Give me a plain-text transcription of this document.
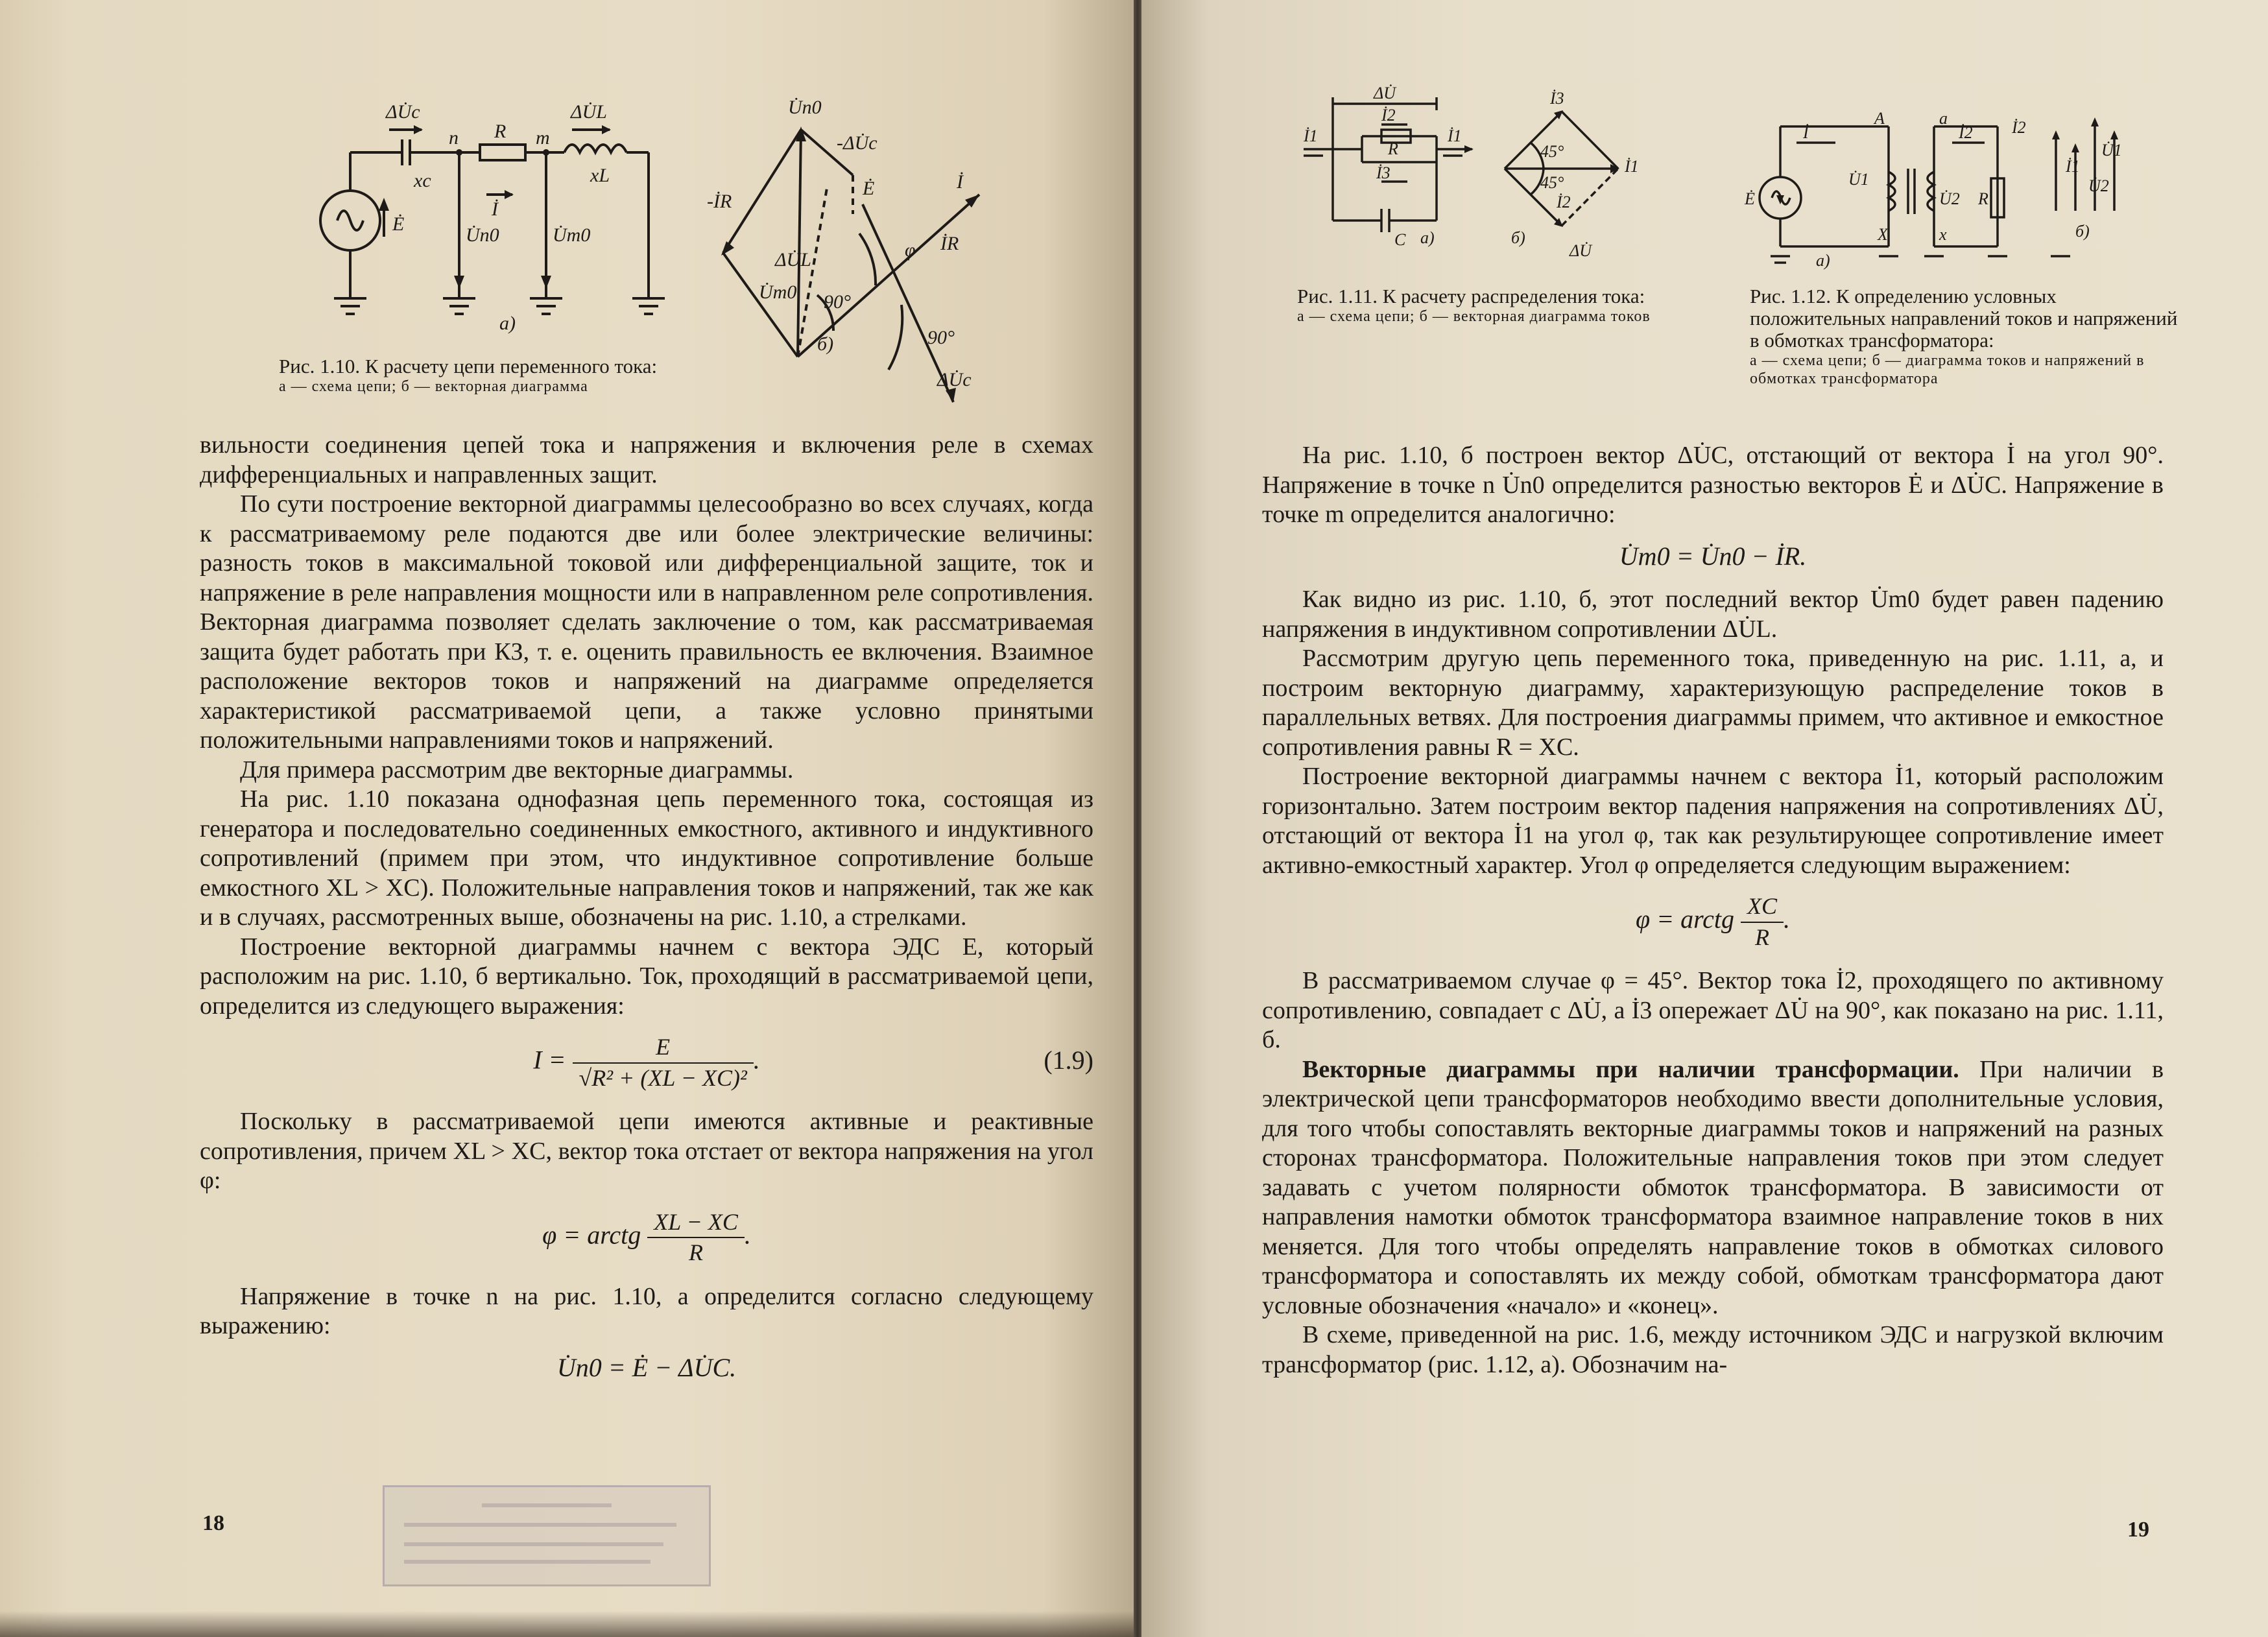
ΔU̇c
xc
n R m
ΔU̇L
xL
İ
Ė
U̇n0	U̇m0
а)
U̇n0
-ΔU̇c
Ė
-İR
İ
φ İR
ΔU̇L
U̇m0 90°
90°
б)
ΔU̇c
Рис. 1.10. К расчету цепи переменного тока:
а — схема цепи; б — векторная диаграмма

вильности соединения цепей тока и напряжения и включения реле в схемах дифференциальных и направленных защит.

По сути построение векторной диаграммы целесообразно во всех случаях, когда к рассматриваемому реле подаются две или более электрические величины: разность токов в максимальной токовой или дифференциальной защите, ток и напряжение в реле направления мощности или в направленном реле сопротивления. Векторная диаграмма позволяет сделать заключение о том, как рассматриваемая защита будет работать при КЗ, т. е. оценить правильность ее включения. Взаимное расположение векторов токов и напряжений на диаграмме определяется характеристикой рассматриваемой цепи, а также условно принятыми положительными направлениями токов и напряжений.

Для примера рассмотрим две векторные диаграммы.

На рис. 1.10 показана однофазная цепь переменного тока, состоящая из генератора и последовательно соединенных емкостного, активного и индуктивного сопротивлений (примем при этом, что индуктивное сопротивление больше емкостного XL > XC). Положительные направления токов и напряжений, так же как и в случаях, рассмотренных выше, обозначены на рис. 1.10, а стрелками.

Построение векторной диаграммы начнем с вектора ЭДС E, который расположим на рис. 1.10, б вертикально. Ток, проходящий в рассматриваемой цепи, определится из следующего выражения:

$I = \frac{E}{\text{√R² + (XL − XC)²}}$ .	(1.9)

Поскольку в рассматриваемой цепи имеются активные и реактивные сопротивления, причем XL > XC, вектор тока отстает от вектора напряжения на угол φ:

φ = arctg $\frac{XL - XC}{R}$ .

Напряжение в точке n на рис. 1.10, а определится согласно следующему выражению:

U̇n0 = Ė − ΔU̇C.
18
ΔU̇
İ2
R
İ1	İ1
İ3
C а)
İ3
45°
45°
İ1
İ2
б)
ΔU̇
İ
A	a
İ2 İ2
İ1
U̇1
Ė
U̇1
U̇2 R
X	x
а)
б)
U̇2
Рис. 1.11. К расчету распределения тока:
а — схема цепи; б — векторная диаграмма токов
Рис. 1.12. К определению условных положительных направлений токов и напряжений в обмотках трансформатора:
а — схема цепи; б — диаграмма токов и напряжений в обмотках трансформатора

На рис. 1.10, б построен вектор ΔU̇C, отстающий от вектора İ на угол 90°. Напряжение в точке n U̇n0 определится разностью векторов Ė и ΔU̇C. Напряжение в точке m определится аналогично:

U̇m0 = U̇n0 − İR.

Как видно из рис. 1.10, б, этот последний вектор U̇m0 будет равен падению напряжения в индуктивном сопротивлении ΔU̇L.

Рассмотрим другую цепь переменного тока, приведенную на рис. 1.11, а, и построим векторную диаграмму, характеризующую распределение токов в параллельных ветвях. Для построения диаграммы примем, что активное и емкостное сопротивления равны R = XC.

Построение векторной диаграммы начнем с вектора İ1, который расположим горизонтально. Затем построим вектор падения напряжения на сопротивлениях ΔU̇, отстающий от вектора İ1 на угол φ, так как результирующее сопротивление имеет активно-емкостный характер. Угол φ определяется следующим выражением:

φ = arctg $\frac{XC}{R}$ .

В рассматриваемом случае φ = 45°. Вектор тока İ2, проходящего по активному сопротивлению, совпадает с ΔU̇, а İ3 опережает ΔU̇ на 90°, как показано на рис. 1.11, б.

Векторные диаграммы при наличии трансформации. При наличии в электрической цепи трансформаторов необходимо ввести дополнительные условия, для того чтобы сопоставлять векторные диаграммы токов и напряжений на разных сторонах трансформатора. Положительные направления токов при этом следует задавать с учетом полярности обмоток трансформатора. В зависимости от направления намотки обмоток трансформатора взаимное направление токов в них меняется. Для того чтобы определять направление токов в обмотках силового трансформатора и сопоставлять их между собой, обмоткам трансформатора дают условные обозначения «начало» и «конец».

В схеме, приведенной на рис. 1.6, между источником ЭДС и нагрузкой включим трансформатор (рис. 1.12, а). Обозначим на-

19
